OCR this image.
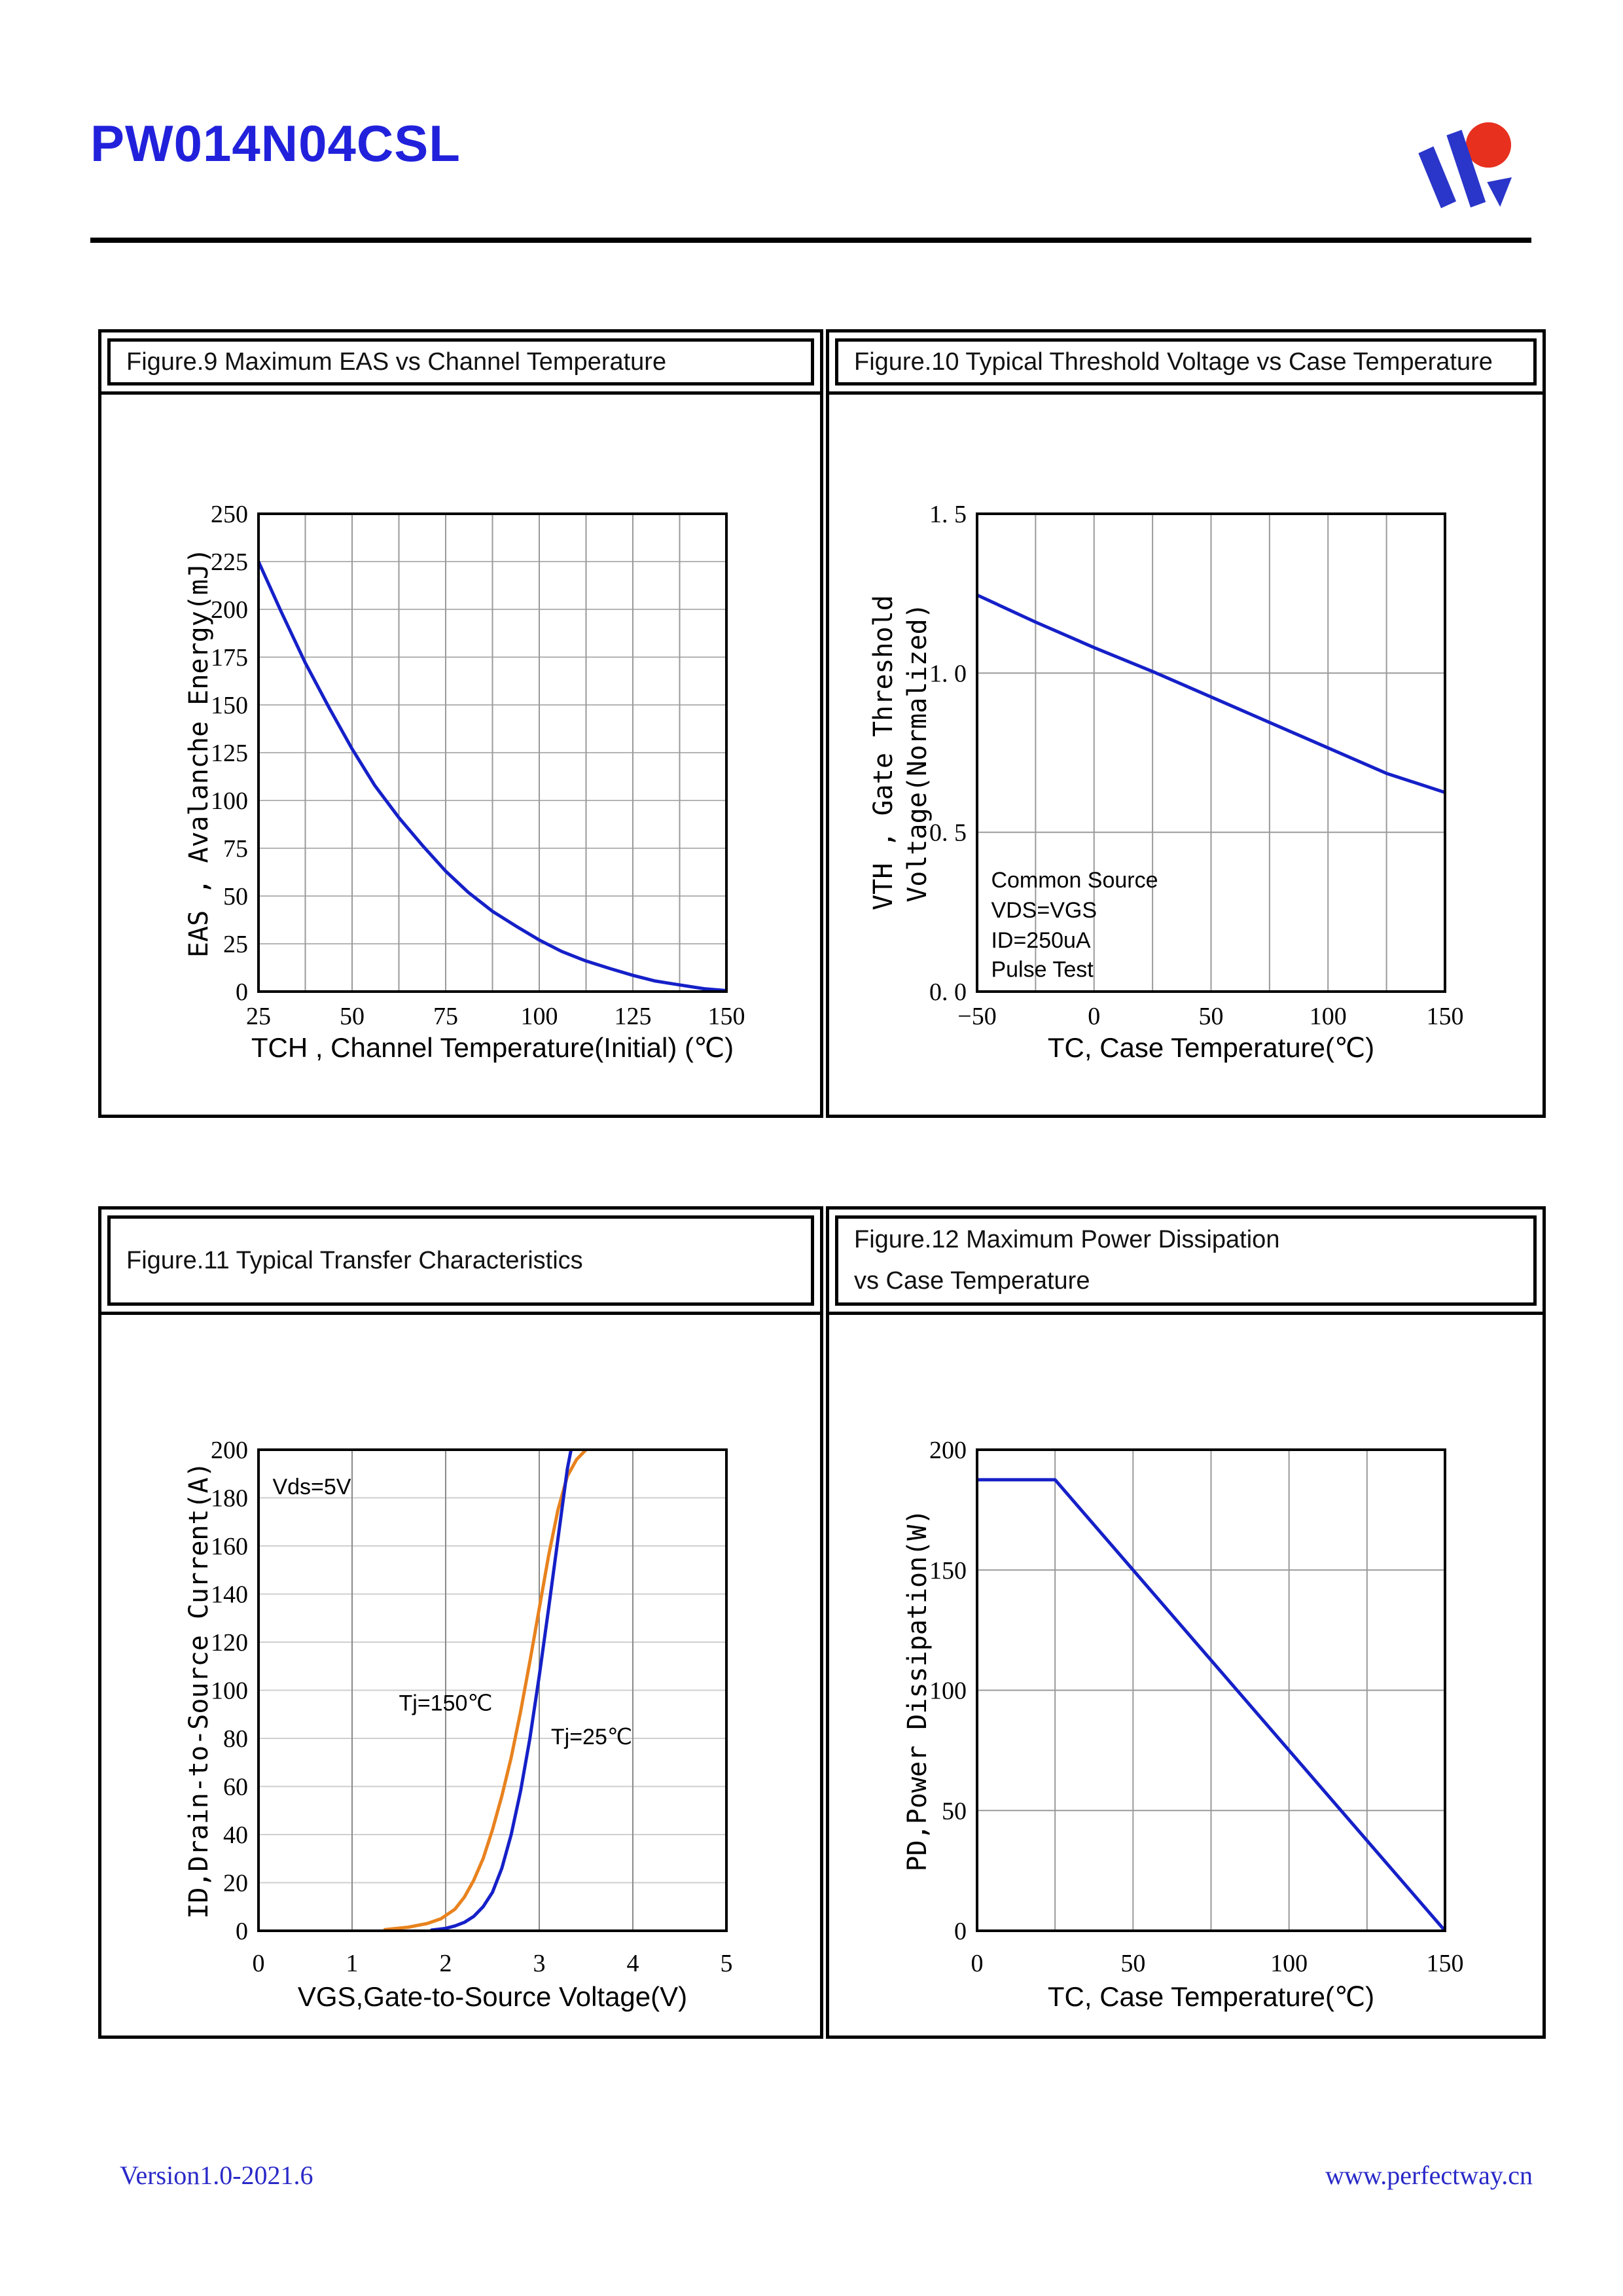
PW014N04CSL
Figure.9 Maximum EAS vs Channel Temperature
0
25
50
75
100
125
150
175
200
225
250
25	50	75	100 125 150
TCH , Channel Temperature(Initial) (℃)
EAS , Avalanche Energy(mJ)
Figure.10 Typical Threshold Voltage vs Case Temperature
0. 0
0. 5
1. 0
1. 5
−50	0	50	100	150
TC, Case Temperature(℃)
VTH , Gate Threshold Voltage(Normalized)	Common Source
VDS=VGS
ID=250uA
Pulse Test
Figure.11 Typical Transfer Characteristics
0
20
40
60
80
100
120
140
160
180
200
0	1	2	3	4	5
VGS,Gate-to-Source Voltage(V)
ID,Drain-to-Source Current(A)	Vds=5V
Tj=150℃
Tj=25℃
Figure.12 Maximum Power Dissipation
vs Case Temperature
0
50
100
150
200
0	50	100	150
TC, Case Temperature(℃)
PD,Power Dissipation(W)
Version1.0-2021.6	www.perfectway.cn
